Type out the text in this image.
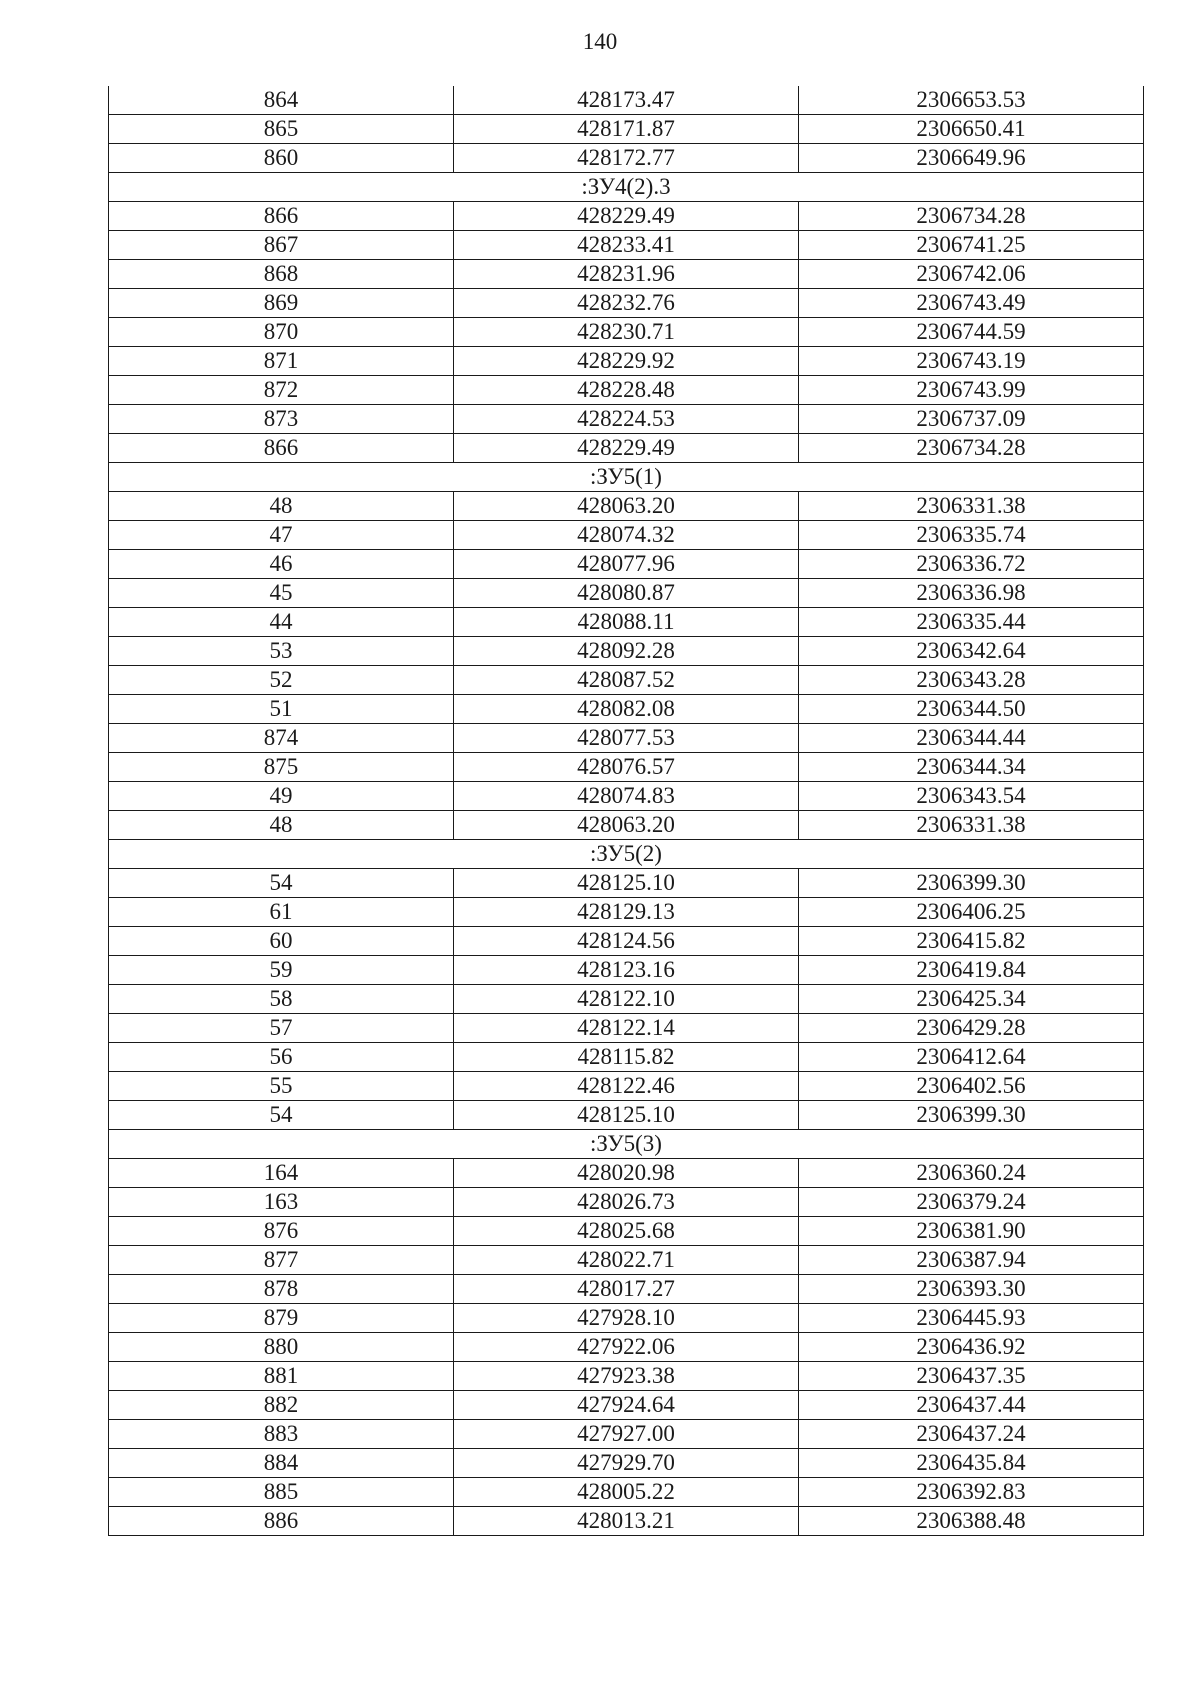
140
864	428173.47	2306653.53
865	428171.87	2306650.41
860	428172.77	2306649.96
:ЗУ4(2).3		
866	428229.49	2306734.28
867	428233.41	2306741.25
868	428231.96	2306742.06
869	428232.76	2306743.49
870	428230.71	2306744.59
871	428229.92	2306743.19
872	428228.48	2306743.99
873	428224.53	2306737.09
866	428229.49	2306734.28
:ЗУ5(1)		
48	428063.20	2306331.38
47	428074.32	2306335.74
46	428077.96	2306336.72
45	428080.87	2306336.98
44	428088.11	2306335.44
53	428092.28	2306342.64
52	428087.52	2306343.28
51	428082.08	2306344.50
874	428077.53	2306344.44
875	428076.57	2306344.34
49	428074.83	2306343.54
48	428063.20	2306331.38
:ЗУ5(2)		
54	428125.10	2306399.30
61	428129.13	2306406.25
60	428124.56	2306415.82
59	428123.16	2306419.84
58	428122.10	2306425.34
57	428122.14	2306429.28
56	428115.82	2306412.64
55	428122.46	2306402.56
54	428125.10	2306399.30
:ЗУ5(3)		
164	428020.98	2306360.24
163	428026.73	2306379.24
876	428025.68	2306381.90
877	428022.71	2306387.94
878	428017.27	2306393.30
879	427928.10	2306445.93
880	427922.06	2306436.92
881	427923.38	2306437.35
882	427924.64	2306437.44
883	427927.00	2306437.24
884	427929.70	2306435.84
885	428005.22	2306392.83
886	428013.21	2306388.48
